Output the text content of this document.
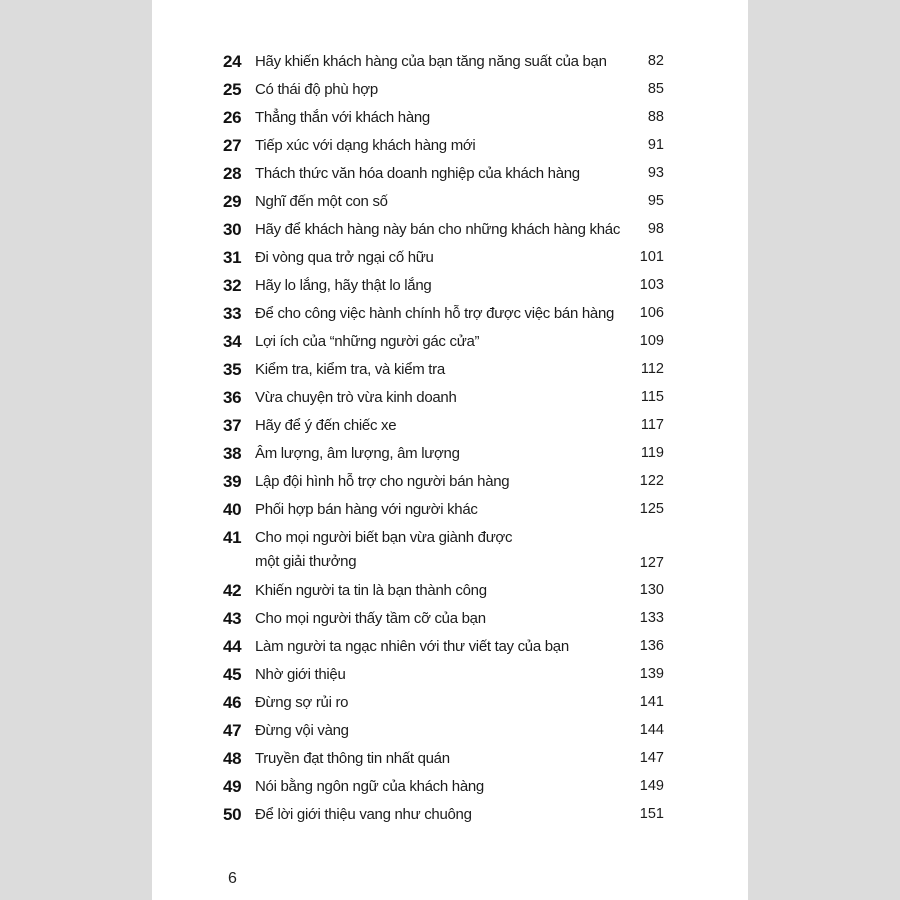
24 Hãy khiến khách hàng của bạn tăng năng suất của bạn	82
25 Có thái độ phù hợp	85
26 Thẳng thắn với khách hàng	88
27 Tiếp xúc với dạng khách hàng mới	91
28 Thách thức văn hóa doanh nghiệp của khách hàng	93
29 Nghĩ đến một con số	95
30 Hãy để khách hàng này bán cho những khách hàng khác 98
31 Đi vòng qua trở ngại cố hữu	101
32 Hãy lo lắng, hãy thật lo lắng	103
33 Để cho công việc hành chính hỗ trợ được việc bán hàng 106
34 Lợi ích của “những người gác cửa”	109
35 Kiểm tra, kiểm tra, và kiểm tra	112
36 Vừa chuyện trò vừa kinh doanh	115
37 Hãy để ý đến chiếc xe	117
38 Âm lượng, âm lượng, âm lượng	119
39 Lập đội hình hỗ trợ cho người bán hàng	122
40 Phối hợp bán hàng với người khác	125
41 Cho mọi người biết bạn vừa giành được
một giải thưởng	127
42 Khiến người ta tin là bạn thành công	130
43 Cho mọi người thấy tầm cỡ của bạn	133
44 Làm người ta ngạc nhiên với thư viết tay của bạn	136
45 Nhờ giới thiệu	139
46 Đừng sợ rủi ro	141
47 Đừng vội vàng	144
48 Truyền đạt thông tin nhất quán	147
49 Nói bằng ngôn ngữ của khách hàng	149
50 Để lời giới thiệu vang như chuông	151
6
